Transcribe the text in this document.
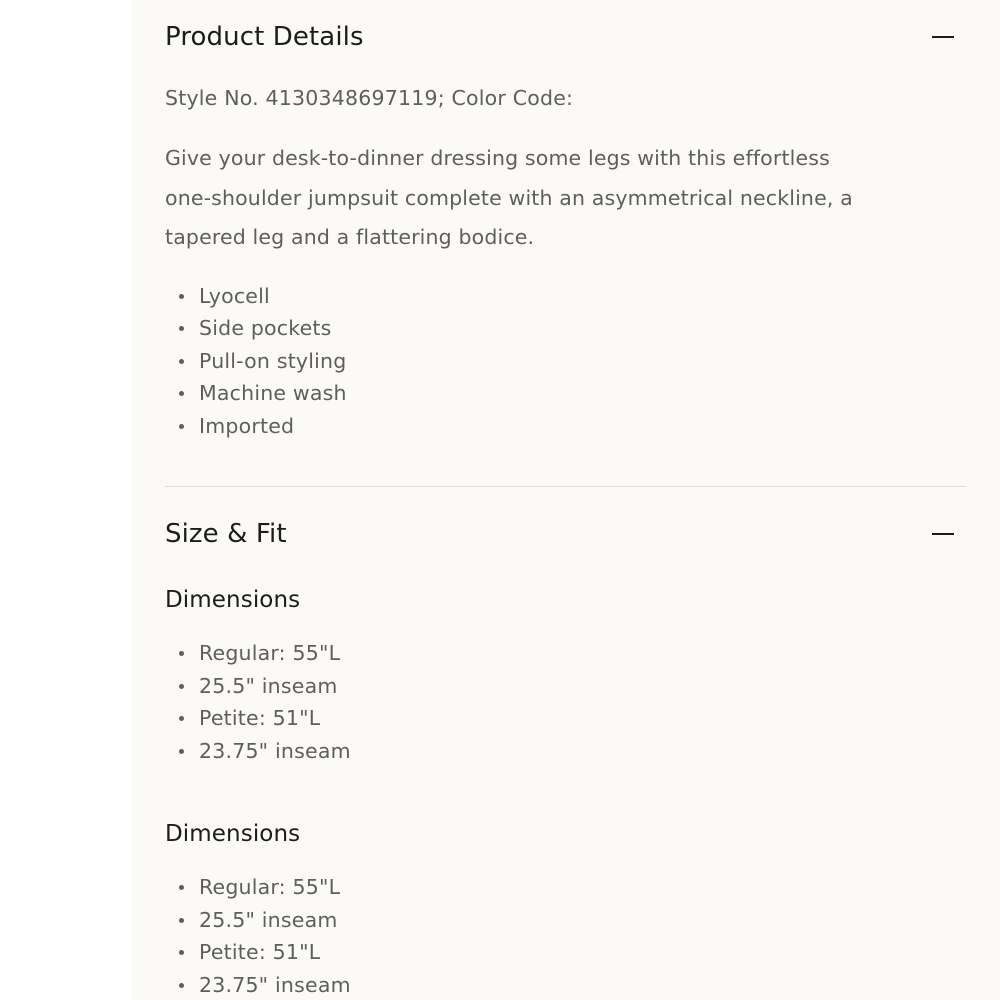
Product Details
Style No. 4130348697119; Color Code:
Give your desk-to-dinner dressing some legs with this effortless one-shoulder jumpsuit complete with an asymmetrical neckline, a tapered leg and a flattering bodice.
Lyocell
Side pockets
Pull-on styling
Machine wash
Imported
Size & Fit
Dimensions
Regular: 55"L
25.5" inseam
Petite: 51"L
23.75" inseam
Dimensions
Regular: 55"L
25.5" inseam
Petite: 51"L
23.75" inseam
